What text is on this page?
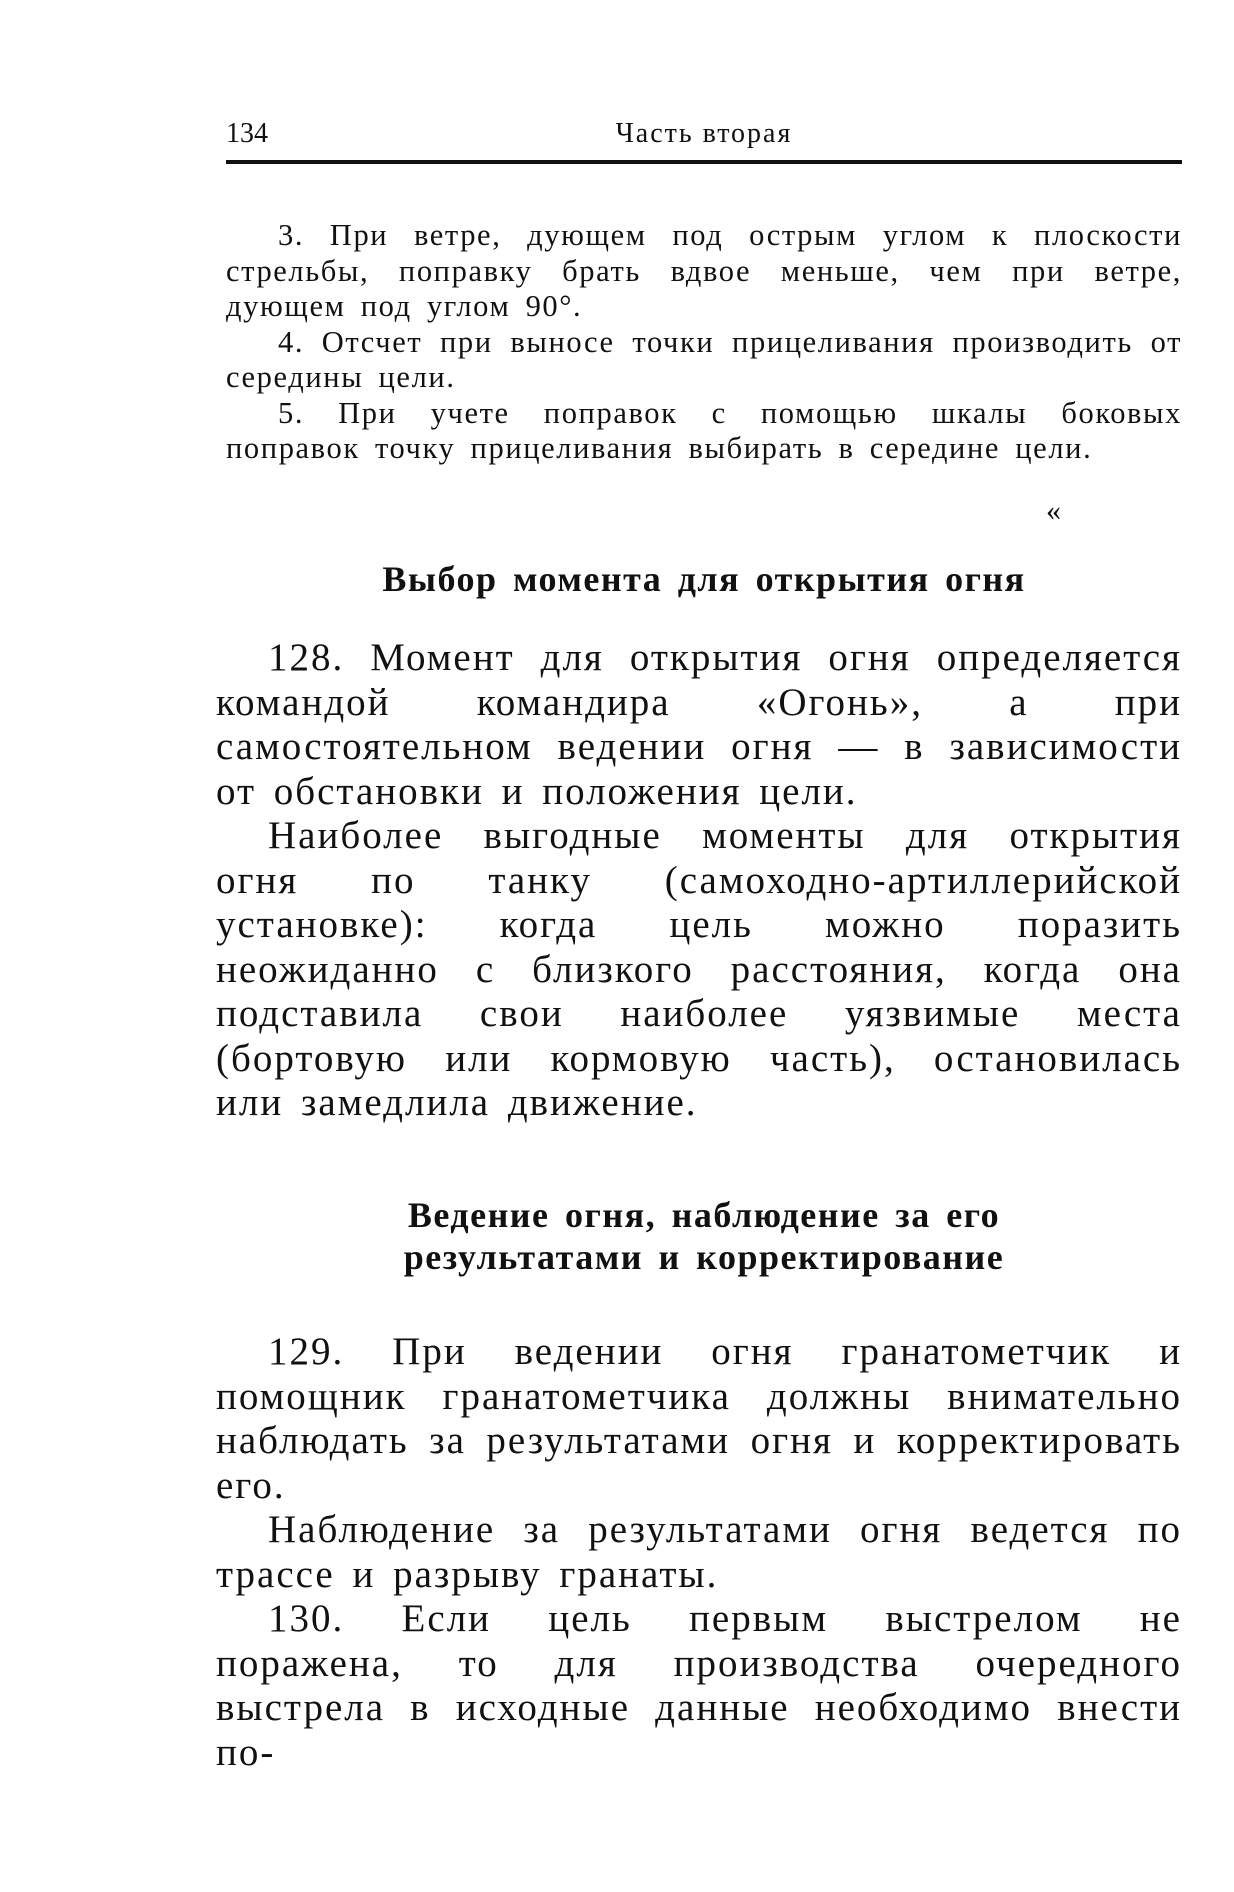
134	Часть вторая

3. При ветре, дующем под острым углом к плоскости стрельбы, поправку брать вдвое меньше, чем при ветре, дующем под углом 90°.

4. Отсчет при выносе точки прицеливания производить от середины цели.

5. При учете поправок с помощью шкалы боковых поправок точку прицеливания выбирать в середине цели.

«
Выбор момента для открытия огня

128. Момент для открытия огня определяется командой командира «Огонь», а при самостоятельном ведении огня — в зависимости от обстановки и положения цели.

Наиболее выгодные моменты для открытия огня по танку (самоходно-артиллерийской установке): когда цель можно поразить неожиданно с близкого расстояния, когда она подставила свои наиболее уязвимые места (бортовую или кормовую часть), остановилась или замедлила движение.

Ведение огня, наблюдение за его
результатами и корректирование

129. При ведении огня гранатометчик и помощник гранатометчика должны внимательно наблюдать за результатами огня и корректировать его.

Наблюдение за результатами огня ведется по трассе и разрыву гранаты.

130. Если цель первым выстрелом не поражена, то для производства очередного выстрела в исходные данные необходимо внести по-
